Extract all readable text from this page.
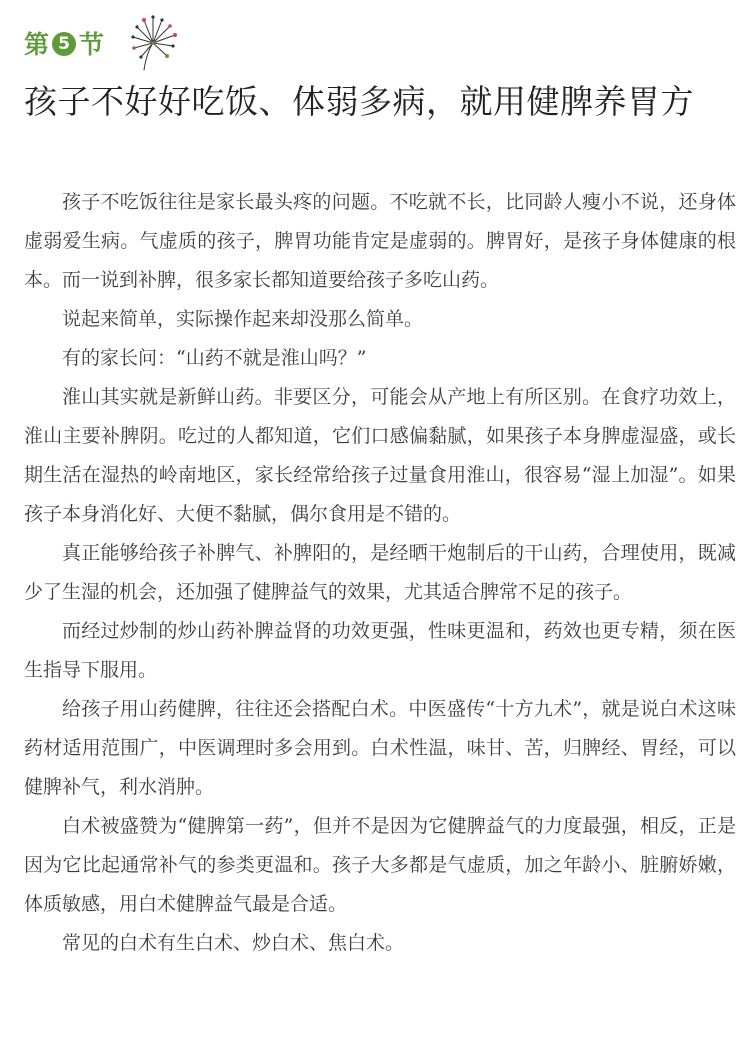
第 5 节
孩子不好好吃饭、体弱多病，就用健脾养胃方

孩子不吃饭往往是家长最头疼的问题。不吃就不长，比同龄人瘦小不说，还身体虚弱爱生病。气虚质的孩子，脾胃功能肯定是虚弱的。脾胃好，是孩子身体健康的根本。而一说到补脾，很多家长都知道要给孩子多吃山药。

说起来简单，实际操作起来却没那么简单。

有的家长问：“山药不就是淮山吗？”

淮山其实就是新鲜山药。非要区分，可能会从产地上有所区别。在食疗功效上，淮山主要补脾阴。吃过的人都知道，它们口感偏黏腻，如果孩子本身脾虚湿盛，或长期生活在湿热的岭南地区，家长经常给孩子过量食用淮山，很容易“湿上加湿”。如果孩子本身消化好、大便不黏腻，偶尔食用是不错的。

真正能够给孩子补脾气、补脾阳的，是经晒干炮制后的干山药，合理使用，既减少了生湿的机会，还加强了健脾益气的效果，尤其适合脾常不足的孩子。

而经过炒制的炒山药补脾益肾的功效更强，性味更温和，药效也更专精，须在医生指导下服用。

给孩子用山药健脾，往往还会搭配白术。中医盛传“十方九术”，就是说白术这味药材适用范围广，中医调理时多会用到。白术性温，味甘、苦，归脾经、胃经，可以健脾补气，利水消肿。

白术被盛赞为“健脾第一药”，但并不是因为它健脾益气的力度最强，相反，正是因为它比起通常补气的参类更温和。孩子大多都是气虚质，加之年龄小、脏腑娇嫩，体质敏感，用白术健脾益气最是合适。

常见的白术有生白术、炒白术、焦白术。
